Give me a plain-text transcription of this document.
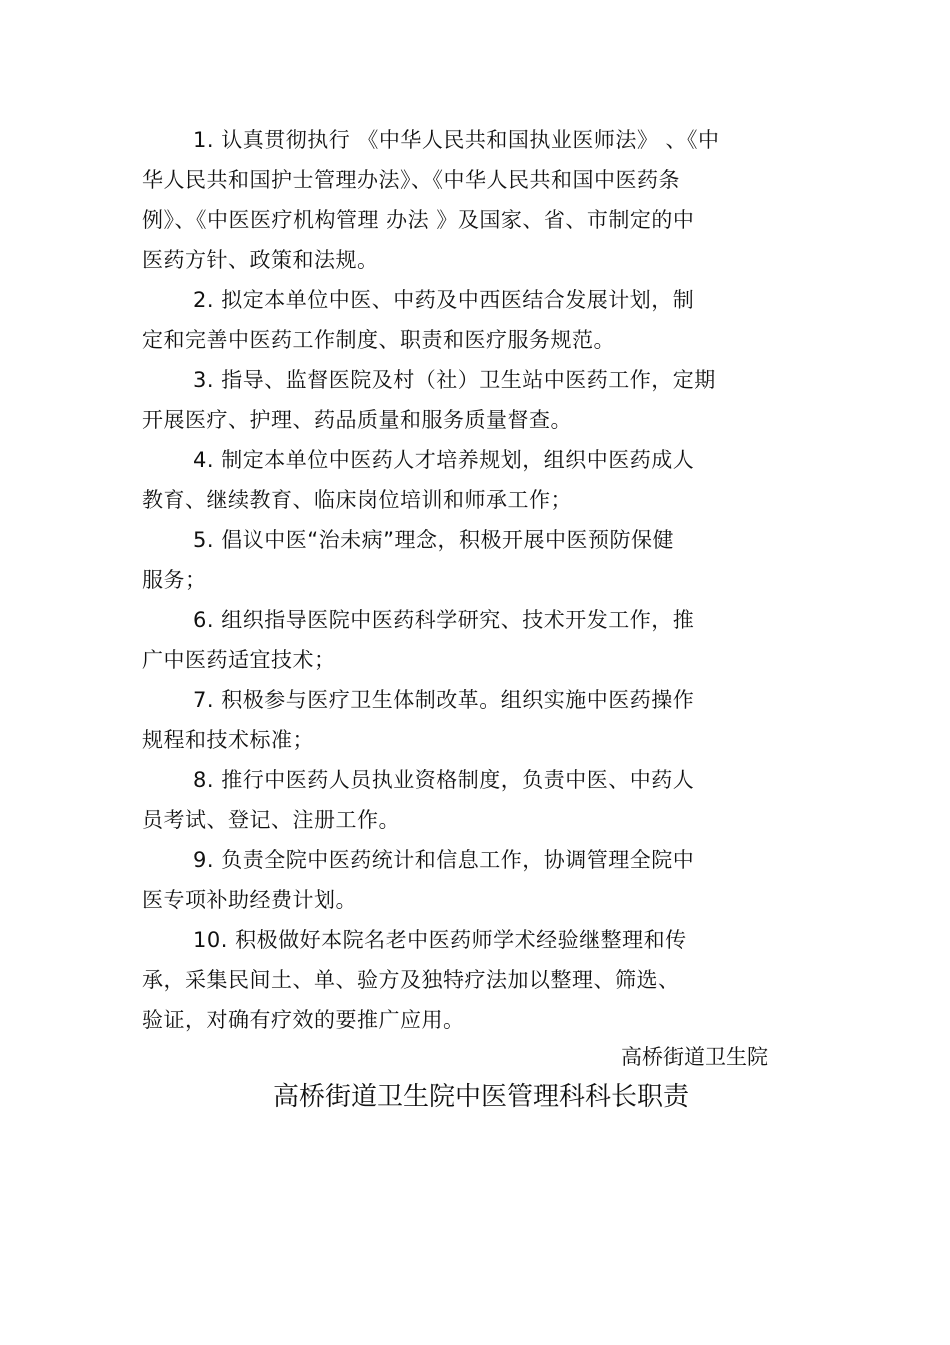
1. 认真贯彻执行 《中华人民共和国执业医师法》 、《中
华人民共和国护士管理办法》、《中华人民共和国中医药条
例》、《中医医疗机构管理 办法 》及国家、省、市制定的中
医药方针、政策和法规。
2. 拟定本单位中医、中药及中西医结合发展计划，制
定和完善中医药工作制度、职责和医疗服务规范。
3. 指导、监督医院及村（社）卫生站中医药工作，定期
开展医疗、护理、药品质量和服务质量督查。
4. 制定本单位中医药人才培养规划，组织中医药成人
教育、继续教育、临床岗位培训和师承工作；
5. 倡议中医“治未病”理念，积极开展中医预防保健
服务；
6. 组织指导医院中医药科学研究、技术开发工作，推
广中医药适宜技术；
7. 积极参与医疗卫生体制改革。组织实施中医药操作
规程和技术标准；
8. 推行中医药人员执业资格制度，负责中医、中药人
员考试、登记、注册工作。
9. 负责全院中医药统计和信息工作，协调管理全院中
医专项补助经费计划。
10. 积极做好本院名老中医药师学术经验继整理和传
承，采集民间土、单、验方及独特疗法加以整理、筛选、
验证，对确有疗效的要推广应用。
高桥街道卫生院
高桥街道卫生院中医管理科科长职责
